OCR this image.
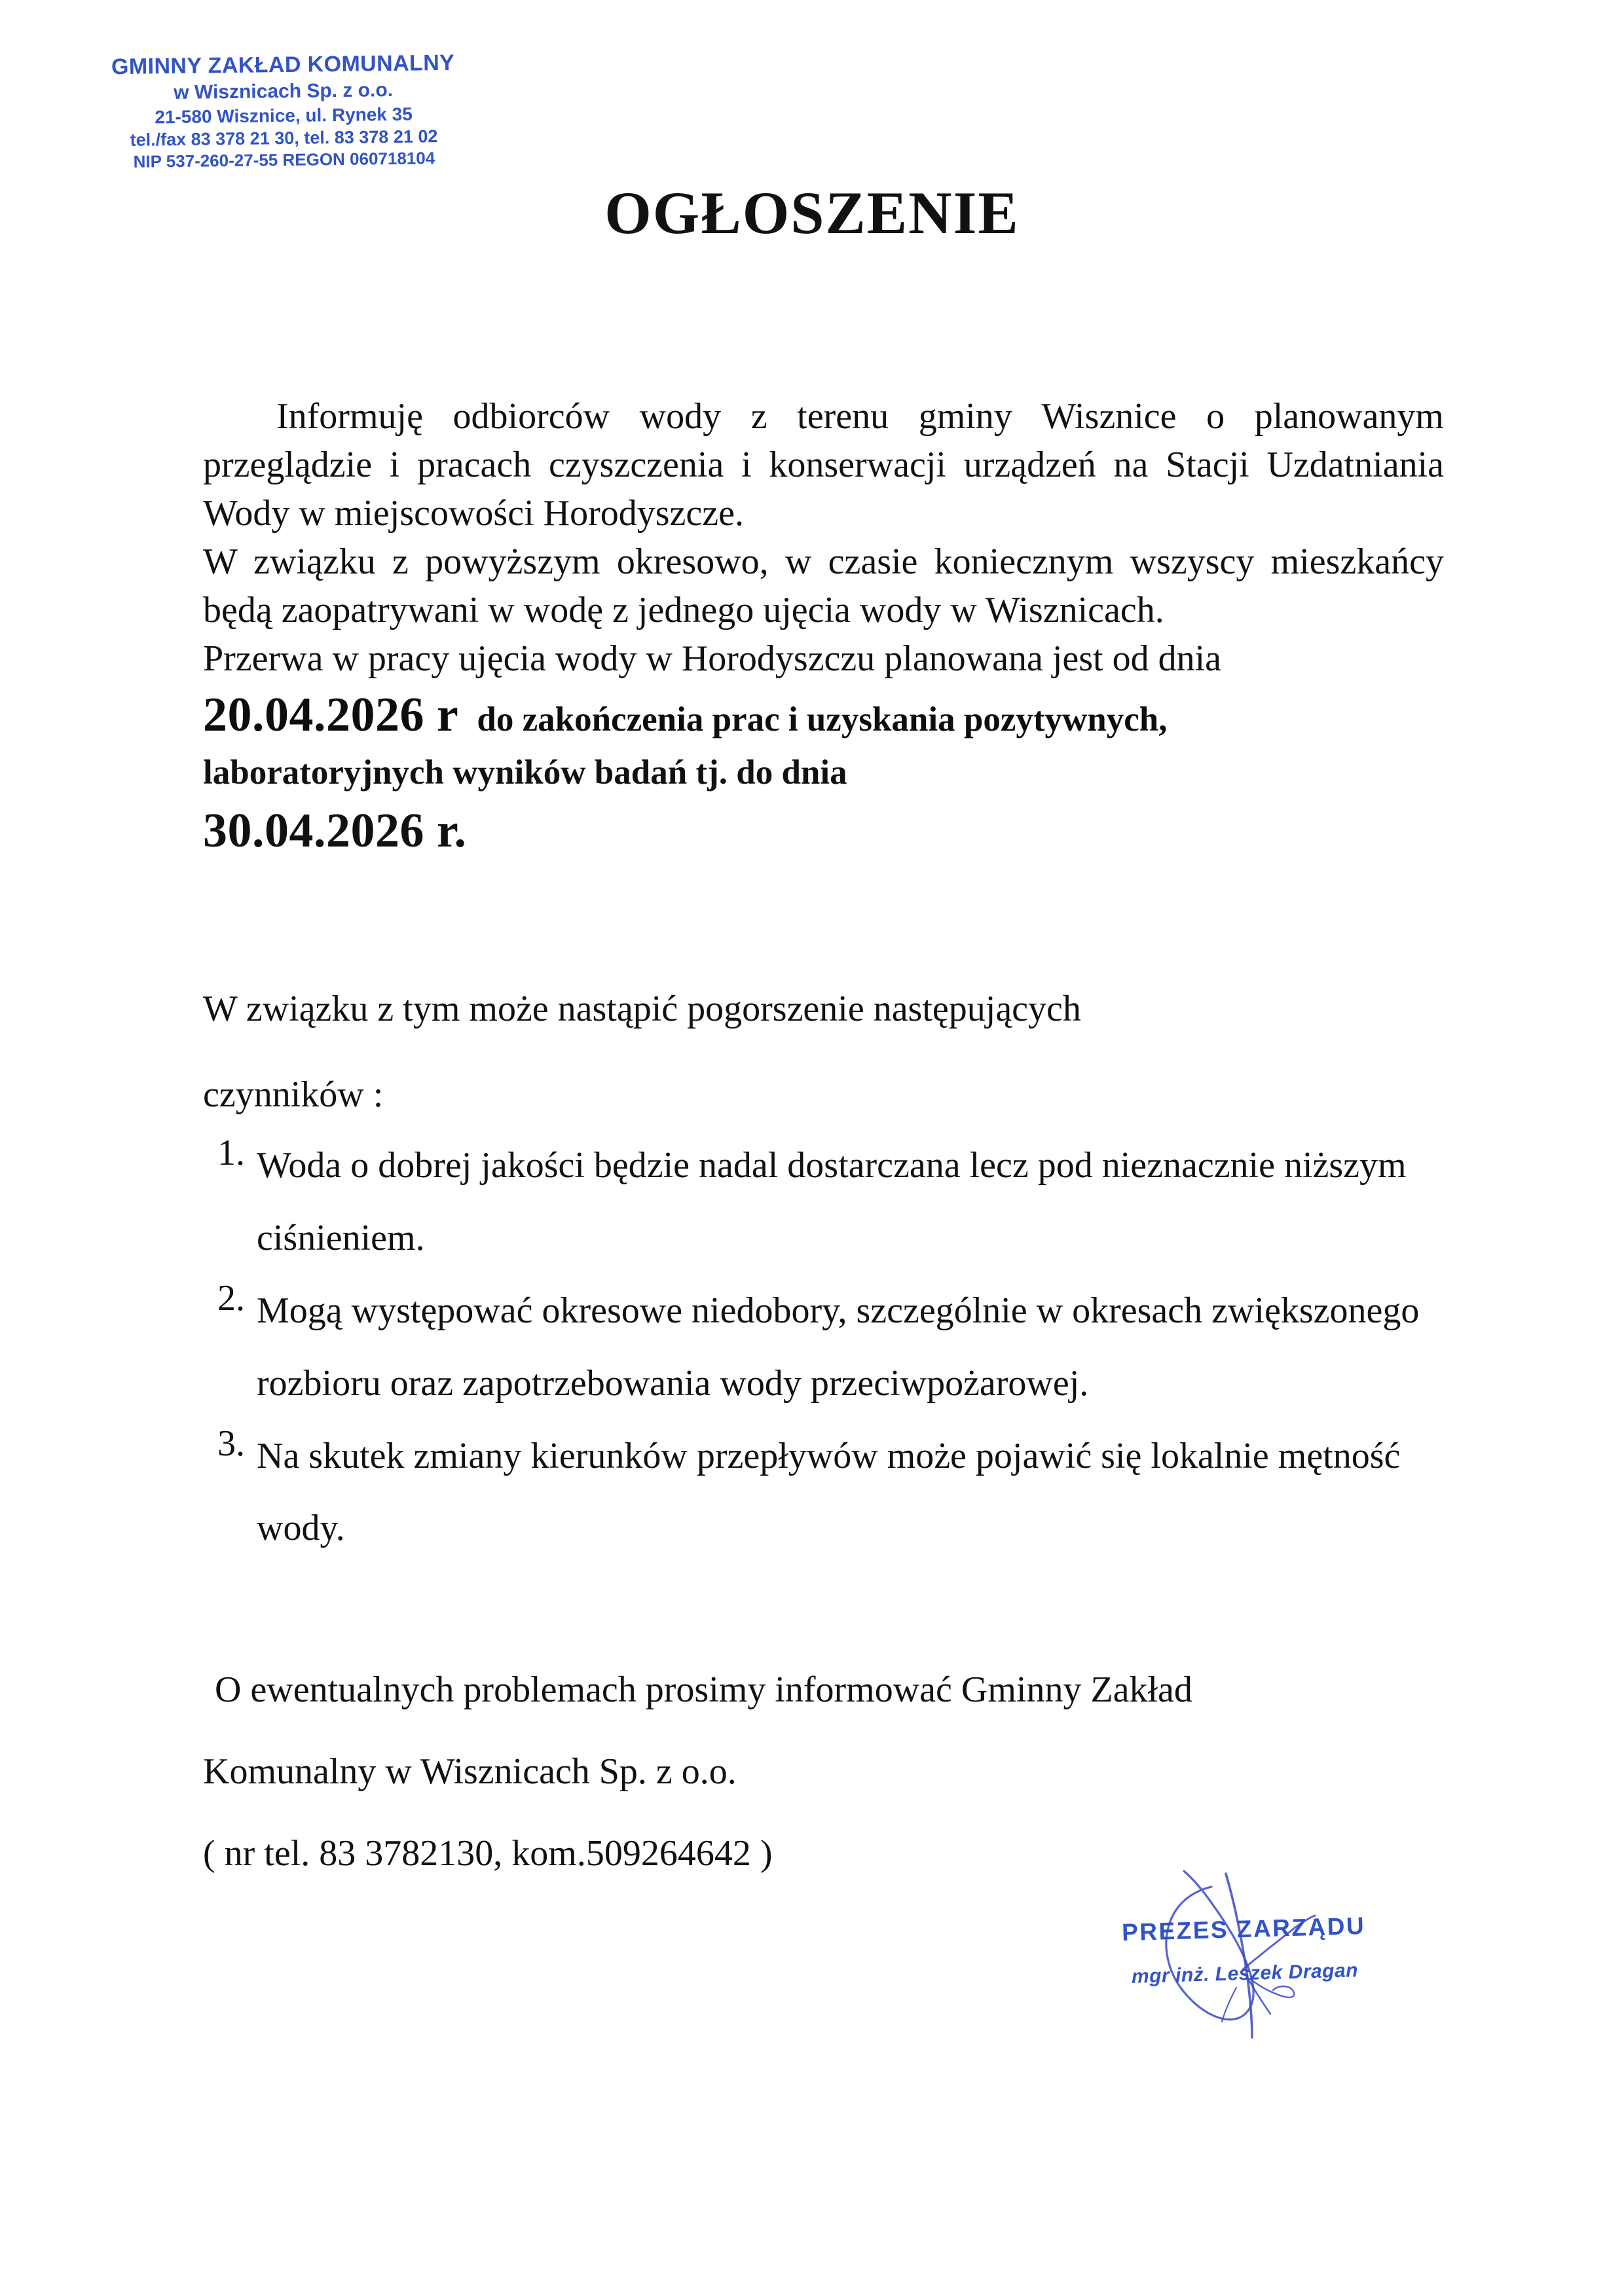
GMINNY ZAKŁAD KOMUNALNY
w Wisznicach Sp. z o.o.
21-580 Wisznice, ul. Rynek 35
tel./fax 83 378 21 30, tel. 83 378 21 02
NIP 537-260-27-55 REGON 060718104
OGŁOSZENIE

Informuję odbiorców wody z terenu gminy Wisznice o planowanym przeglądzie i pracach czyszczenia i konserwacji urządzeń na Stacji Uzdatniania Wody w miejscowości Horodyszcze.

W związku z powyższym okresowo, w czasie koniecznym wszyscy mieszkańcy będą zaopatrywani w wodę z jednego ujęcia wody w Wisznicach.

Przerwa w pracy ujęcia wody w Horodyszczu planowana jest od dnia

20.04.2026 r do zakończenia prac i uzyskania pozytywnych,

laboratoryjnych wyników badań tj. do dnia

30.04.2026 r.

W związku z tym może nastąpić pogorszenie następujących

czynników :

1. Woda o dobrej jakości będzie nadal dostarczana lecz pod nieznacznie niższym ciśnieniem.
2. Mogą występować okresowe niedobory, szczególnie w okresach zwiększonego rozbioru oraz zapotrzebowania wody przeciwpożarowej.
3. Na skutek zmiany kierunków przepływów może pojawić się lokalnie mętność wody.

O ewentualnych problemach prosimy informować Gminny Zakład

Komunalny w Wisznicach Sp. z o.o.

( nr tel. 83 3782130, kom.509264642 )

PREZES ZARZĄDU
mgr inż. Leszek Dragan
